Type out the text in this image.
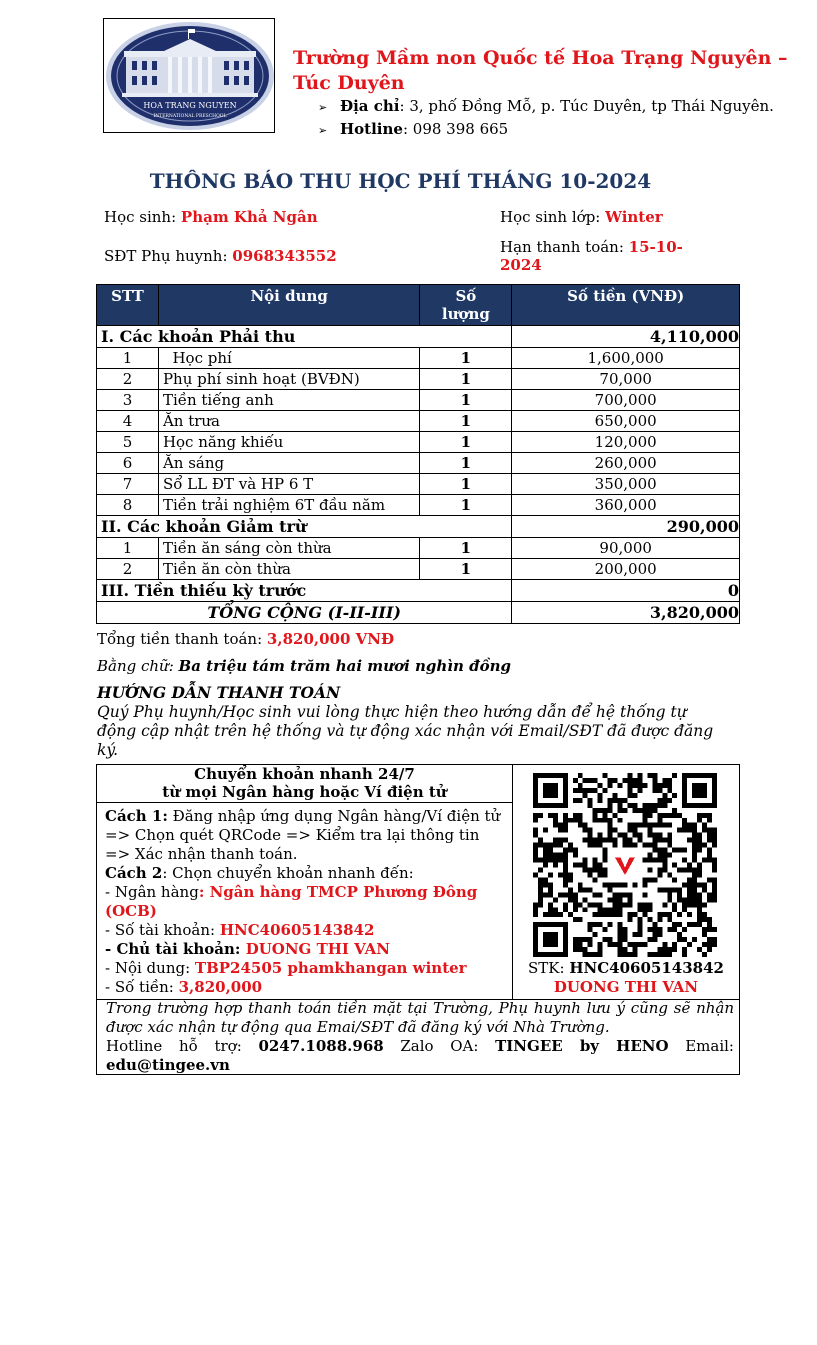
HOA TRANG NGUYEN
INTERNATIONAL PRESCHOOL
Trường Mầm non Quốc tế Hoa Trạng Nguyên – Túc Duyên
➢ Địa chỉ: 3, phố Đồng Mỗ, p. Túc Duyên, tp Thái Nguyên.
➢ Hotline: 098 398 665
THÔNG BÁO THU HỌC PHÍ THÁNG 10-2024
Học sinh: Phạm Khả Ngân	Học sinh lớp: Winter
SĐT Phụ huynh: 0968343552	Hạn thanh toán: 15-10-2024
STT	Nội dung	Số lượng	Số tiền (VNĐ)
I. Các khoản Phải thu			4,110,000
1	Học phí	1	1,600,000
2	Phụ phí sinh hoạt (BVĐN)	1	70,000
3	Tiền tiếng anh	1	700,000
4	Ăn trưa	1	650,000
5	Học năng khiếu	1	120,000
6	Ăn sáng	1	260,000
7	Sổ LL ĐT và HP 6 T	1	350,000
8	Tiền trải nghiệm 6T đầu năm	1	360,000
II. Các khoản Giảm trừ			290,000
1	Tiền ăn sáng còn thừa	1	90,000
2	Tiền ăn còn thừa	1	200,000
III. Tiền thiếu kỳ trước			0
TỔNG CỘNG (I-II-III)			3,820,000
Tổng tiền thanh toán: 3,820,000 VNĐ
Bằng chữ: Ba triệu tám trăm hai mươi nghìn đồng
HƯỚNG DẪN THANH TOÁN
Quý Phụ huynh/Học sinh vui lòng thực hiện theo hướng dẫn để hệ thống tự động cập nhật trên hệ thống và tự động xác nhận với Email/SĐT đã được đăng ký.
Chuyển khoản nhanh 24/7
từ mọi Ngân hàng hoặc Ví điện tử
Cách 1: Đăng nhập ứng dụng Ngân hàng/Ví điện tử => Chọn quét QRCode => Kiểm tra lại thông tin => Xác nhận thanh toán.
Cách 2: Chọn chuyển khoản nhanh đến:
- Ngân hàng: Ngân hàng TMCP Phương Đông (OCB)
- Số tài khoản: HNC40605143842
- Chủ tài khoản: DUONG THI VAN
- Nội dung: TBP24505 phamkhangan winter
- Số tiền: 3,820,000
STK: HNC40605143842
DUONG THI VAN
Trong trường hợp thanh toán tiền mặt tại Trường, Phụ huynh lưu ý cũng sẽ nhận được xác nhận tự động qua Emai/SĐT đã đăng ký với Nhà Trường.
Hotline hỗ trợ: 0247.1088.968 Zalo OA: TINGEE by HENO Email:
edu@tingee.vn
